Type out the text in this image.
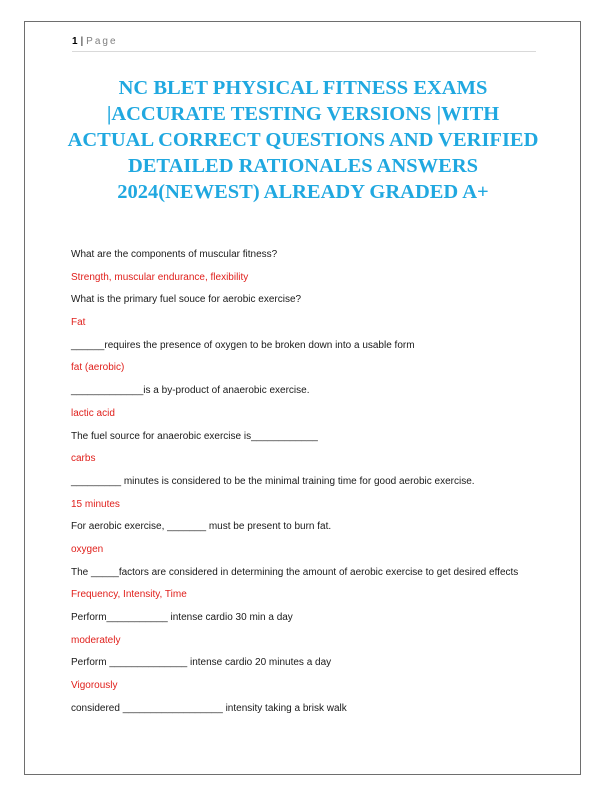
1 | Page
NC BLET PHYSICAL FITNESS EXAMS |ACCURATE TESTING VERSIONS |WITH ACTUAL CORRECT QUESTIONS AND VERIFIED DETAILED RATIONALES ANSWERS 2024(NEWEST) ALREADY GRADED A+
What are the components of muscular fitness?
Strength, muscular endurance, flexibility
What is the primary fuel souce for aerobic exercise?
Fat
______requires the presence of oxygen to be broken down into a usable form
fat (aerobic)
_____________is a by-product of anaerobic exercise.
lactic acid
The fuel source for anaerobic exercise is____________
carbs
_________ minutes is considered to be the minimal training time for good aerobic exercise.
15 minutes
For aerobic exercise, _______ must be present to burn fat.
oxygen
The _____factors are considered in determining the amount of aerobic exercise to get desired effects
Frequency, Intensity, Time
Perform___________ intense cardio 30 min a day
moderately
Perform ______________ intense cardio 20 minutes a day
Vigorously
considered __________________ intensity taking a brisk walk
